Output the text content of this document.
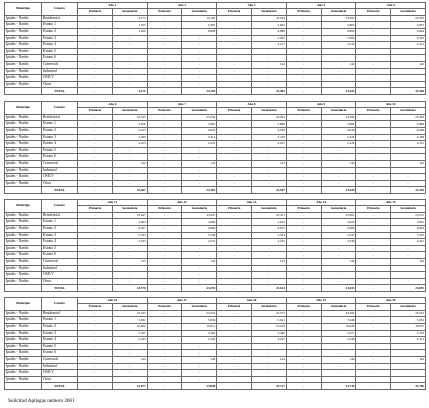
Municipio	Usuario	Año 1		Año 2		Año 3		Año 4		Año 5	
		Primaria	Secundaria	Primaria	Secundaria	Primaria	Secundaria	Primaria	Secundaria	Primaria	Secundaria
Ipiales - Nariño	Residencial	-	4,175	-	14,195	-	23,203	-	23,281	-	23,305
Ipiales - Nariño	Estrato 1	-	1,555	-	5,287	-	5,842	-	5,863	-	5,875
Ipiales - Nariño	Estrato 2	-	2,620	-	8,908	-	9,886	-	9,895	-	9,904
Ipiales - Nariño	Estrato 3	-	-	-	-	-	5,295	-	5,304	-	5,305
Ipiales - Nariño	Estrato 4	-	-	-	-	-	2,217	-	2,219	-	2,221
Ipiales - Nariño	Estrato 5	-	-	-	-	-	-	-	-	-	-
Ipiales - Nariño	Estrato 6	-	-	-	-	-	-	-	-	-	-
Ipiales - Nariño	Comercial	-	-	-	-	-	142	-	142	-	142
Ipiales - Nariño	Industrial	-	-	-	-	-	-	-	-	-	-
Ipiales - Nariño	OSICV	-	-	-	-	-	-	-	-	-	-
Ipiales - Nariño	Otros	-	-	-	-	-	-	-	-	-	-
	TOTAL	-	4,175	-	14,195	-	23,402	-	23,423	-	23,448
Municipio	Usuario	Año 6		Año 7		Año 8		Año 9		Año 10	
		Primaria	Secundaria	Primaria	Secundaria	Primaria	Secundaria	Primaria	Secundaria	Primaria	Secundaria
Ipiales - Nariño	Residencial	-	23,325	-	23,344	-	23,364	-	23,384	-	23,403
Ipiales - Nariño	Estrato 1	-	5,878	-	5,881	-	5,888	-	5,894	-	5,899
Ipiales - Nariño	Estrato 2	-	9,913	-	9,922	-	9,930	-	9,939	-	9,948
Ipiales - Nariño	Estrato 3	-	5,309	-	5,314	-	5,319	-	5,324	-	5,328
Ipiales - Nariño	Estrato 4	-	2,223	-	2,225	-	2,227	-	2,229	-	2,231
Ipiales - Nariño	Estrato 5	-	-	-	-	-	-	-	-	-	-
Ipiales - Nariño	Estrato 6	-	-	-	-	-	-	-	-	-	-
Ipiales - Nariño	Comercial	-	142	-	143	-	143	-	143	-	143
Ipiales - Nariño	Industrial	-	-	-	-	-	-	-	-	-	-
Ipiales - Nariño	OSICV	-	-	-	-	-	-	-	-	-	-
Ipiales - Nariño	Otros	-	-	-	-	-	-	-	-	-	-
	TOTAL	-	23,467	-	23,487	-	23,507	-	23,529	-	23,549
Municipio	Usuario	Año 11		Año 12		Año 13		Año 14		Año 15	
		Primaria	Secundaria	Primaria	Secundaria	Primaria	Secundaria	Primaria	Secundaria	Primaria	Secundaria
Ipiales - Nariño	Residencial	-	23,427	-	23,447	-	23,471	-	23,491	-	23,515
Ipiales - Nariño	Estrato 1	-	5,904	-	5,909	-	5,915	-	5,922	-	5,925
Ipiales - Nariño	Estrato 2	-	9,957	-	9,966	-	9,975	-	9,984	-	9,993
Ipiales - Nariño	Estrato 3	-	5,333	-	5,338	-	5,343	-	5,347	-	5,352
Ipiales - Nariño	Estrato 4	-	2,233	-	2,235	-	2,237	-	2,239	-	2,241
Ipiales - Nariño	Estrato 5	-	-	-	-	-	-	-	-	-	-
Ipiales - Nariño	Estrato 6	-	-	-	-	-	-	-	-	-	-
Ipiales - Nariño	Comercial	-	143	-	143	-	143	-	144	-	144
Ipiales - Nariño	Industrial	-	-	-	-	-	-	-	-	-	-
Ipiales - Nariño	OSICV	-	-	-	-	-	-	-	-	-	-
Ipiales - Nariño	Otros	-	-	-	-	-	-	-	-	-	-
	TOTAL	-	23,570	-	23,591	-	23,613	-	23,633	-	23,655
Municipio	Usuario	Año 16		Año 17		Año 18		Año 19		Año 20	
		Primaria	Secundaria	Primaria	Secundaria	Primaria	Secundaria	Primaria	Secundaria	Primaria	Secundaria
Ipiales - Nariño	Residencial	-	23,533	-	23,554	-	23,573	-	23,594	-	23,616
Ipiales - Nariño	Estrato 1	-	5,931	-	5,936	-	5,941	-	5,946	-	5,952
Ipiales - Nariño	Estrato 2	-	10,002	-	10,011	-	10,019	-	10,028	-	10,037
Ipiales - Nariño	Estrato 3	-	5,357	-	5,362	-	5,366	-	5,371	-	5,376
Ipiales - Nariño	Estrato 4	-	2,243	-	2,245	-	2,247	-	2,249	-	2,251
Ipiales - Nariño	Estrato 5	-	-	-	-	-	-	-	-	-	-
Ipiales - Nariño	Estrato 6	-	-	-	-	-	-	-	-	-	-
Ipiales - Nariño	Comercial	-	144	-	144	-	144	-	146	-	144
Ipiales - Nariño	Industrial	-	-	-	-	-	-	-	-	-	-
Ipiales - Nariño	OSICV	-	-	-	-	-	-	-	-	-	-
Ipiales - Nariño	Otros	-	-	-	-	-	-	-	-	-	-
	TOTAL	-	23,677	-	23,698	-	23,717	-	23,740	-	23,760
Solicitud Aplisgas número 2661
